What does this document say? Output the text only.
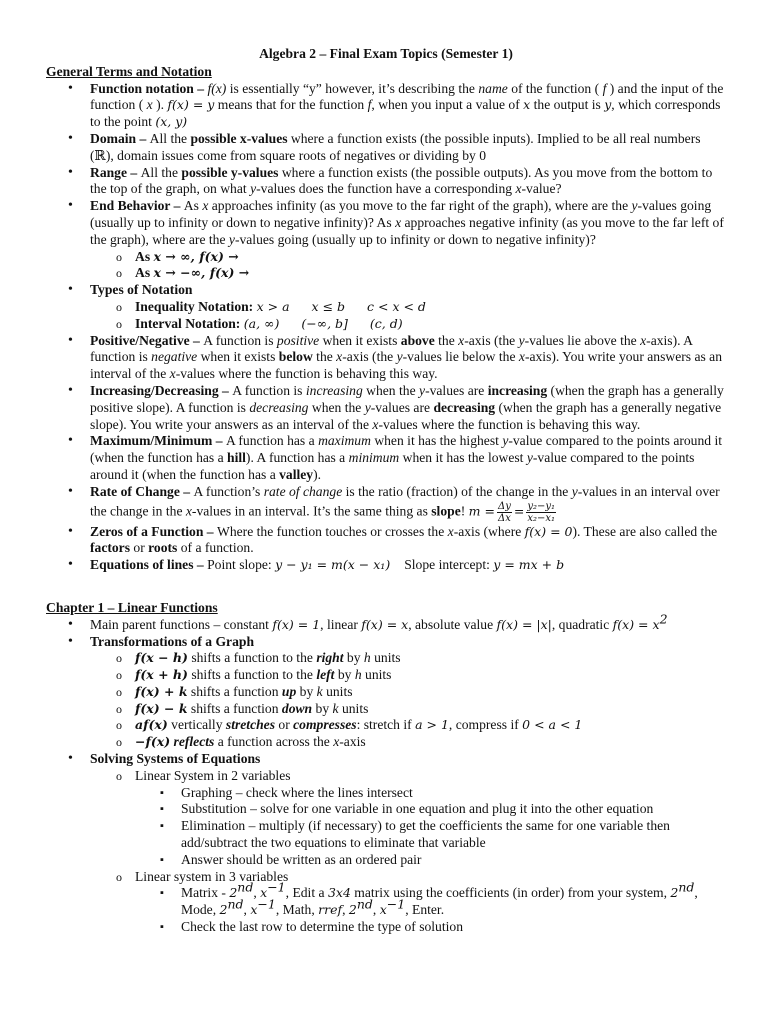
Algebra 2 – Final Exam Topics (Semester 1)
General Terms and Notation
• Function notation – f(x) is essentially “y” however, it’s describing the name of the function ( f ) and the input of the function ( x ). f(x) = y means that for the function f, when you input a value of x the output is y, which corresponds to the point (x, y)
• Domain – All the possible x-values where a function exists (the possible inputs). Implied to be all real numbers (ℝ), domain issues come from square roots of negatives or dividing by 0
• Range – All the possible y-values where a function exists (the possible outputs). As you move from the bottom to the top of the graph, on what y-values does the function have a corresponding x-value?
• End Behavior – As x approaches infinity (as you move to the far right of the graph), where are the y-values going (usually up to infinity or down to negative infinity)? As x approaches negative infinity (as you move to the far left of the graph), where are the y-values going (usually up to infinity or down to negative infinity)?
o As x → ∞, f(x) →
o As x → −∞, f(x) →
• Types of Notation
o Inequality Notation: x > a x ≤ b c < x < d
o Interval Notation: (a, ∞) (−∞, b] (c, d)
• Positive/Negative – A function is positive when it exists above the x-axis (the y-values lie above the x-axis). A function is negative when it exists below the x-axis (the y-values lie below the x-axis). You write your answers as an interval of the x-values where the function is behaving this way.
• Increasing/Decreasing – A function is increasing when the y-values are increasing (when the graph has a generally positive slope). A function is decreasing when the y-values are decreasing (when the graph has a generally negative slope). You write your answers as an interval of the x-values where the function is behaving this way.
• Maximum/Minimum – A function has a maximum when it has the highest y-value compared to the points around it (when the function has a hill). A function has a minimum when it has the lowest y-value compared to the points around it (when the function has a valley).
• Rate of Change – A function’s rate of change is the ratio (fraction) of the change in the y-values in an interval over the change in the x-values in an interval. It’s the same thing as slope! $m = \frac{\Delta y}{\Delta x} = \frac{\text{y₂−y₁}}{\text{x₂−x₁}}$
• Zeros of a Function – Where the function touches or crosses the x-axis (where f(x) = 0). These are also called the factors or roots of a function.
• Equations of lines – Point slope: y − y₁ = m(x − x₁) Slope intercept: y = mx + b
Chapter 1 – Linear Functions
• Main parent functions – constant f(x) = 1, linear f(x) = x, absolute value f(x) = |x|, quadratic $f(x) = x^2$
• Transformations of a Graph
o f(x − h) shifts a function to the right by h units
o f(x + h) shifts a function to the left by h units
o f(x) + k shifts a function up by k units
o f(x) − k shifts a function down by k units
o af(x) vertically stretches or compresses: stretch if a > 1, compress if 0 < a < 1
o −f(x) reflects a function across the x-axis
• Solving Systems of Equations
o Linear System in 2 variables
▪ Graphing – check where the lines intersect
▪ Substitution – solve for one variable in one equation and plug it into the other equation
▪ Elimination – multiply (if necessary) to get the coefficients the same for one variable then add/subtract the two equations to eliminate that variable
▪ Answer should be written as an ordered pair
o Linear system in 3 variables
▪ Matrix - 2nd, $x^{-1}$, Edit a 3x4 matrix using the coefficients (in order) from your system, 2nd, Mode, 2nd, $x^{-1}$, Math, rref, 2nd, $x^{-1}$, Enter.
▪ Check the last row to determine the type of solution
